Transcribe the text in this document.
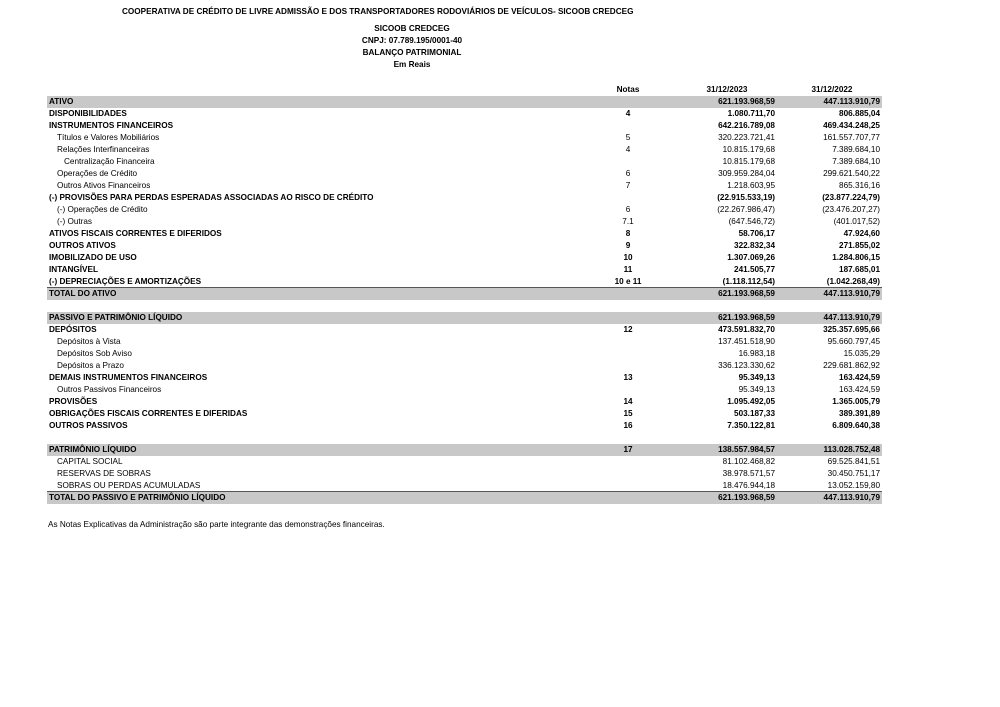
COOPERATIVA DE CRÉDITO DE LIVRE ADMISSÃO E DOS TRANSPORTADORES RODOVIÁRIOS DE VEÍCULOS- SICOOB CREDCEG
SICOOB CREDCEG
CNPJ: 07.789.195/0001-40
BALANÇO PATRIMONIAL
Em Reais
Notas	31/12/2023	31/12/2022
ATIVO	621.193.968,59	447.113.910,79
DISPONIBILIDADES	4	1.080.711,70	806.885,04
INSTRUMENTOS FINANCEIROS	642.216.789,08	469.434.248,25
Títulos e Valores Mobiliários	5	320.223.721,41	161.557.707,77
Relações Interfinanceiras	4	10.815.179,68	7.389.684,10
Centralização Financeira	10.815.179,68	7.389.684,10
Operações de Crédito	6	309.959.284,04	299.621.540,22
Outros Ativos Financeiros	7	1.218.603,95	865.316,16
(-) PROVISÕES PARA PERDAS ESPERADAS ASSOCIADAS AO RISCO DE CRÉDITO	(22.915.533,19)	(23.877.224,79)
(-) Operações de Crédito	6	(22.267.986,47)	(23.476.207,27)
(-) Outras	7.1	(647.546,72)	(401.017,52)
ATIVOS FISCAIS CORRENTES E DIFERIDOS	8	58.706,17	47.924,60
OUTROS ATIVOS	9	322.832,34	271.855,02
IMOBILIZADO DE USO	10	1.307.069,26	1.284.806,15
INTANGÍVEL	11	241.505,77	187.685,01
(-) DEPRECIAÇÕES E AMORTIZAÇÕES	10 e 11	(1.118.112,54)	(1.042.268,49)
TOTAL DO ATIVO	621.193.968,59	447.113.910,79
PASSIVO E PATRIMÔNIO LÍQUIDO	621.193.968,59	447.113.910,79
DEPÓSITOS	12	473.591.832,70	325.357.695,66
Depósitos à Vista	137.451.518,90	95.660.797,45
Depósitos Sob Aviso	16.983,18	15.035,29
Depósitos a Prazo	336.123.330,62	229.681.862,92
DEMAIS INSTRUMENTOS FINANCEIROS	13	95.349,13	163.424,59
Outros Passivos Financeiros	95.349,13	163.424,59
PROVISÕES	14	1.095.492,05	1.365.005,79
OBRIGAÇÕES FISCAIS CORRENTES E DIFERIDAS	15	503.187,33	389.391,89
OUTROS PASSIVOS	16	7.350.122,81	6.809.640,38
PATRIMÔNIO LÍQUIDO	17	138.557.984,57	113.028.752,48
CAPITAL SOCIAL	81.102.468,82	69.525.841,51
RESERVAS DE SOBRAS	38.978.571,57	30.450.751,17
SOBRAS OU PERDAS ACUMULADAS	18.476.944,18	13.052.159,80
TOTAL DO PASSIVO E PATRIMÔNIO LÍQUIDO	621.193.968,59	447.113.910,79
As Notas Explicativas da Administração são parte integrante das demonstrações financeiras.
